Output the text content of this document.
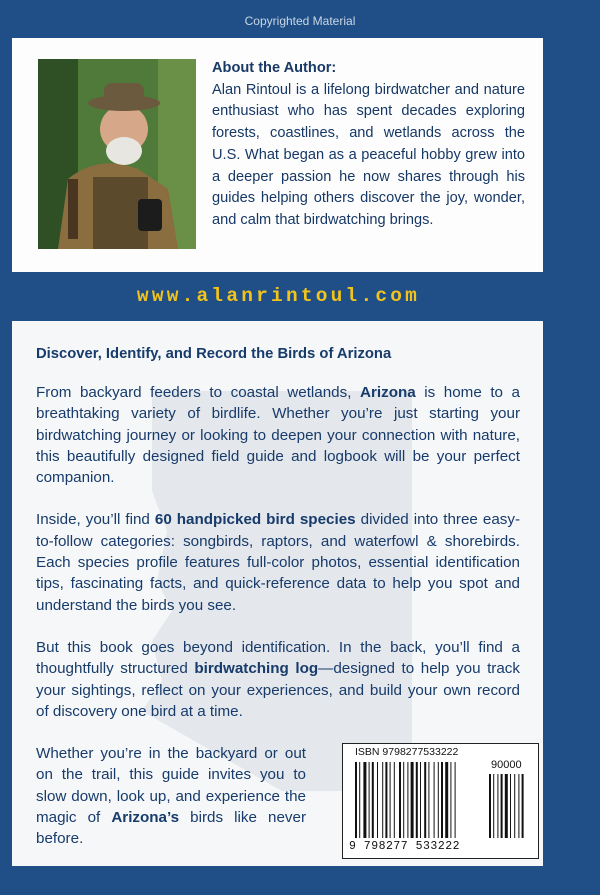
Copyrighted Material
About the Author:

Alan Rintoul is a lifelong birdwatcher and nature enthusiast who has spent decades exploring forests, coastlines, and wetlands across the U.S. What began as a peaceful hobby grew into a deeper passion he now shares through his guides helping others discover the joy, wonder, and calm that birdwatching brings.

www.alanrintoul.com
Discover, Identify, and Record the Birds of Arizona

From backyard feeders to coastal wetlands, Arizona is home to a breathtaking variety of birdlife. Whether you’re just starting your birdwatching journey or looking to deepen your connection with nature, this beautifully designed field guide and logbook will be your perfect companion.

Inside, you’ll find 60 handpicked bird species divided into three easy-to-follow categories: songbirds, raptors, and waterfowl & shorebirds. Each species profile features full-color photos, essential identification tips, fascinating facts, and quick-reference data to help you spot and understand the birds you see.

But this book goes beyond identification. In the back, you’ll find a thoughtfully structured birdwatching log—designed to help you track your sightings, reflect on your experiences, and build your own record of discovery one bird at a time.

Whether you’re in the backyard or out on the trail, this guide invites you to slow down, look up, and experience the magic of Arizona’s birds like never before.

ISBN 9798277533222
90000
9 798277 533222
